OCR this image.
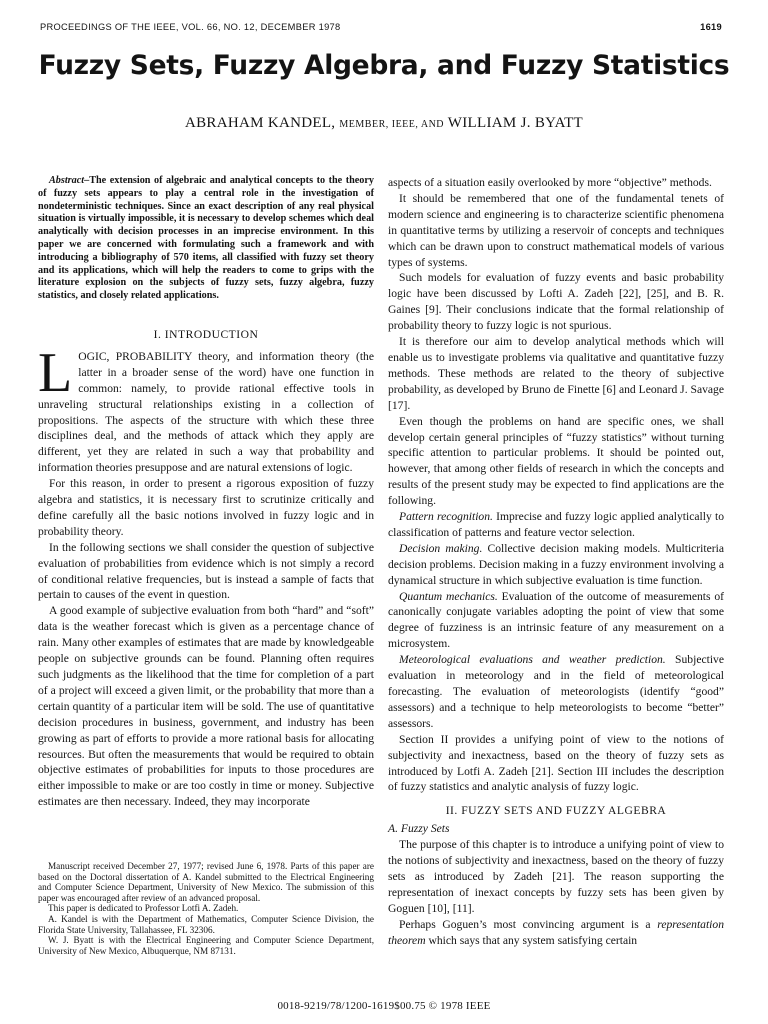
PROCEEDINGS OF THE IEEE, VOL. 66, NO. 12, DECEMBER 1978	1619
Fuzzy Sets, Fuzzy Algebra, and Fuzzy Statistics
ABRAHAM KANDEL, MEMBER, IEEE, AND WILLIAM J. BYATT

Abstract–The extension of algebraic and analytical concepts to the theory of fuzzy sets appears to play a central role in the investigation of nondeterministic techniques. Since an exact description of any real physical situation is virtually impossible, it is necessary to develop schemes which deal analytically with decision processes in an imprecise environment. In this paper we are concerned with formulating such a framework and with introducing a bibliography of 570 items, all classified with fuzzy set theory and its applications, which will help the readers to come to grips with the literature explosion on the subjects of fuzzy sets, fuzzy algebra, fuzzy statistics, and closely related applications.

I. INTRODUCTION

LOGIC, PROBABILITY theory, and information theory (the latter in a broader sense of the word) have one function in common: namely, to provide rational effective tools in unraveling structural relationships existing in a collection of propositions. The aspects of the structure with which these three disciplines deal, and the methods of attack which they apply are different, yet they are related in such a way that probability and information theories presuppose and are natural extensions of logic.

For this reason, in order to present a rigorous exposition of fuzzy algebra and statistics, it is necessary first to scrutinize critically and define carefully all the basic notions involved in fuzzy logic and in probability theory.

In the following sections we shall consider the question of subjective evaluation of probabilities from evidence which is not simply a record of conditional relative frequencies, but is instead a sample of facts that pertain to causes of the event in question.

A good example of subjective evaluation from both “hard” and “soft” data is the weather forecast which is given as a percentage chance of rain. Many other examples of estimates that are made by knowledgeable people on subjective grounds can be found. Planning often requires such judgments as the likelihood that the time for completion of a part of a project will exceed a given limit, or the probability that more than a certain quantity of a particular item will be sold. The use of quantitative decision procedures in business, government, and industry has been growing as part of efforts to provide a more rational basis for allocating resources. But often the measurements that would be required to obtain objective estimates of probabilities for inputs to those procedures are either impossible to make or are too costly in time or money. Subjective estimates are then necessary. Indeed, they may incorporate

Manuscript received December 27, 1977; revised June 6, 1978. Parts of this paper are based on the Doctoral dissertation of A. Kandel submitted to the Electrical Engineering and Computer Science Department, University of New Mexico. The submission of this paper was encouraged after review of an advanced proposal.

This paper is dedicated to Professor Lotfi A. Zadeh.

A. Kandel is with the Department of Mathematics, Computer Science Division, the Florida State University, Tallahassee, FL 32306.

W. J. Byatt is with the Electrical Engineering and Computer Science Department, University of New Mexico, Albuquerque, NM 87131.

aspects of a situation easily overlooked by more “objective” methods.

It should be remembered that one of the fundamental tenets of modern science and engineering is to characterize scientific phenomena in quantitative terms by utilizing a reservoir of concepts and techniques which can be drawn upon to construct mathematical models of various types of systems.

Such models for evaluation of fuzzy events and basic probability logic have been discussed by Lofti A. Zadeh [22], [25], and B. R. Gaines [9]. Their conclusions indicate that the formal relationship of probability theory to fuzzy logic is not spurious.

It is therefore our aim to develop analytical methods which will enable us to investigate problems via qualitative and quantitative fuzzy methods. These methods are related to the theory of subjective probability, as developed by Bruno de Finette [6] and Leonard J. Savage [17].

Even though the problems on hand are specific ones, we shall develop certain general principles of “fuzzy statistics” without turning specific attention to particular problems. It should be pointed out, however, that among other fields of research in which the concepts and results of the present study may be expected to find applications are the following.

Pattern recognition. Imprecise and fuzzy logic applied analytically to classification of patterns and feature vector selection.

Decision making. Collective decision making models. Multicriteria decision problems. Decision making in a fuzzy environment involving a dynamical structure in which subjective evaluation is time function.

Quantum mechanics. Evaluation of the outcome of measurements of canonically conjugate variables adopting the point of view that some degree of fuzziness is an intrinsic feature of any measurement on a microsystem.

Meteorological evaluations and weather prediction. Subjective evaluation in meteorology and in the field of meteorological forecasting. The evaluation of meteorologists (identify “good” assessors) and a technique to help meteorologists to become “better” assessors.

Section II provides a unifying point of view to the notions of subjectivity and inexactness, based on the theory of fuzzy sets as introduced by Lotfi A. Zadeh [21]. Section III includes the description of fuzzy statistics and analytic analysis of fuzzy logic.

II. FUZZY SETS AND FUZZY ALGEBRA

A. Fuzzy Sets

The purpose of this chapter is to introduce a unifying point of view to the notions of subjectivity and inexactness, based on the theory of fuzzy sets as introduced by Zadeh [21]. The reason supporting the representation of inexact concepts by fuzzy sets has been given by Goguen [10], [11].

Perhaps Goguen’s most convincing argument is a representation theorem which says that any system satisfying certain

0018-9219/78/1200-1619$00.75 © 1978 IEEE
